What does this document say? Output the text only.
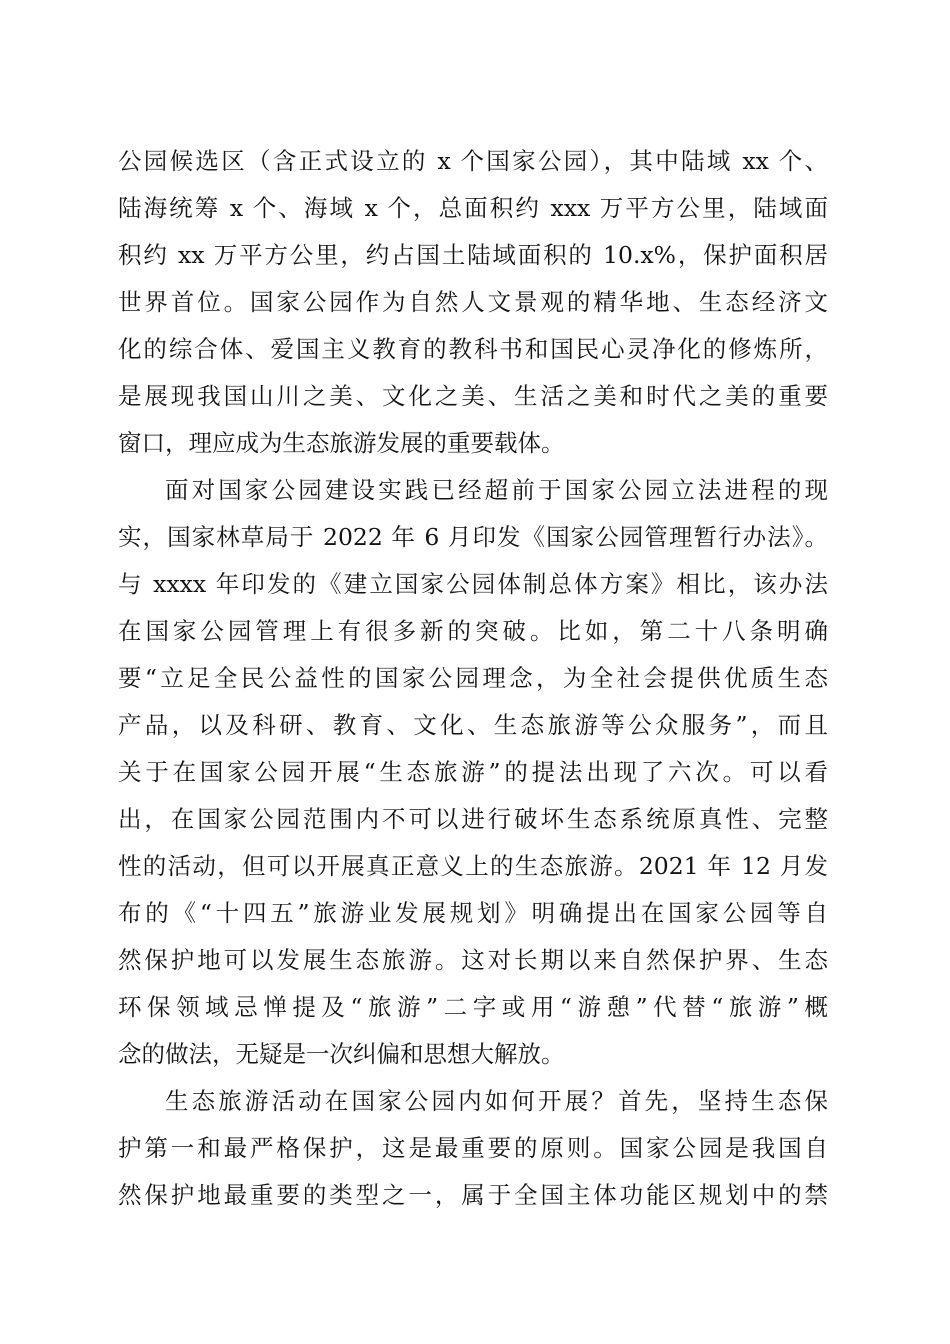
公园候选区（含正式设立的 x 个国家公园），其中陆域 xx 个、
陆海统筹 x 个、海域 x 个，总面积约 xxx 万平方公里，陆域面
积约 xx 万平方公里，约占国土陆域面积的 10.x%，保护面积居
世界首位。国家公园作为自然人文景观的精华地、生态经济文
化的综合体、爱国主义教育的教科书和国民心灵净化的修炼所，
是展现我国山川之美、文化之美、生活之美和时代之美的重要
窗口，理应成为生态旅游发展的重要载体。
面对国家公园建设实践已经超前于国家公园立法进程的现
实，国家林草局于 2022 年 6 月印发《国家公园管理暂行办法》。
与 xxxx 年印发的《建立国家公园体制总体方案》相比，该办法
在国家公园管理上有很多新的突破。比如，第二十八条明确
要“立足全民公益性的国家公园理念，为全社会提供优质生态
产品，以及科研、教育、文化、生态旅游等公众服务”，而且
关于在国家公园开展“生态旅游”的提法出现了六次。可以看
出，在国家公园范围内不可以进行破坏生态系统原真性、完整
性的活动，但可以开展真正意义上的生态旅游。2021 年 12 月发
布的《“十四五”旅游业发展规划》明确提出在国家公园等自
然保护地可以发展生态旅游。这对长期以来自然保护界、生态
环保领域忌惮提及“旅游”二字或用“游憩”代替“旅游”概
念的做法，无疑是一次纠偏和思想大解放。
生态旅游活动在国家公园内如何开展？首先，坚持生态保
护第一和最严格保护，这是最重要的原则。国家公园是我国自
然保护地最重要的类型之一，属于全国主体功能区规划中的禁
